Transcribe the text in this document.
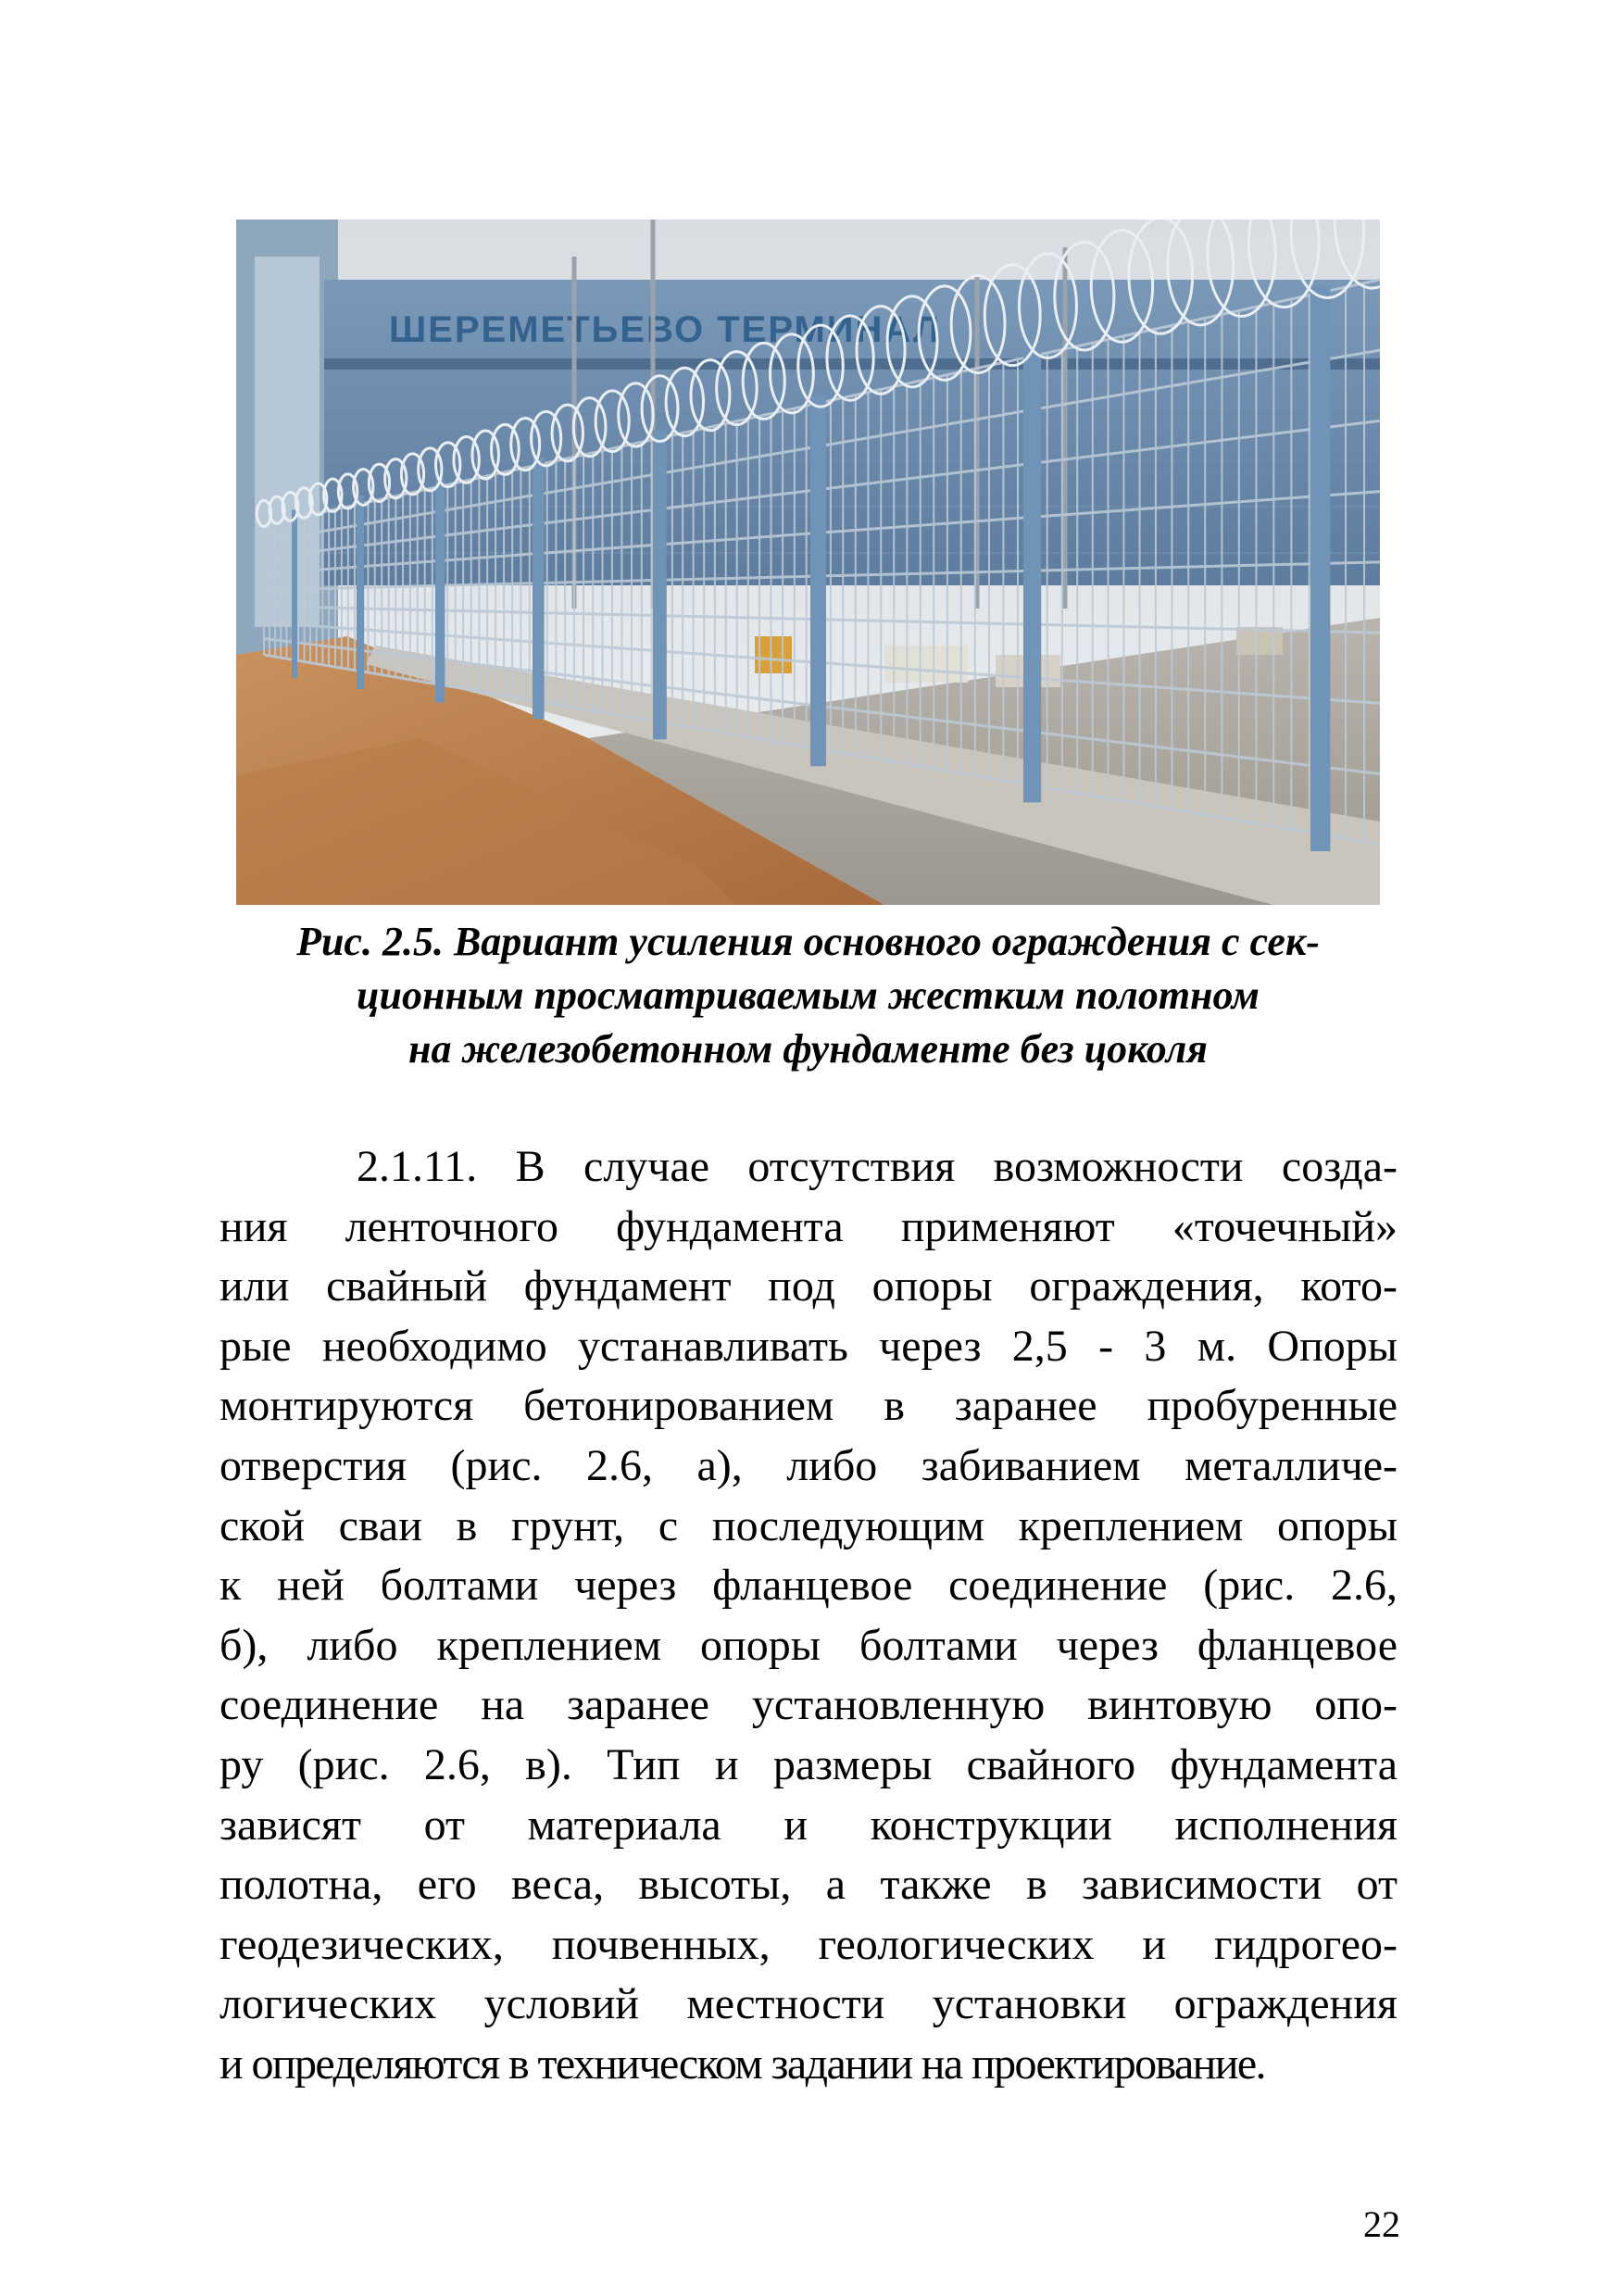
ШЕРЕМЕТЬЕВО ТЕРМИНАЛ
Рис. 2.5. Вариант усиления основного ограждения с сек-
ционным просматриваемым жестким полотном
на железобетонном фундаменте без цоколя
2.1.11. В случае отсутствия возможности созда-
ния ленточного фундамента применяют «точечный»
или свайный фундамент под опоры ограждения, кото-
рые необходимо устанавливать через 2,5 - 3 м. Опоры
монтируются бетонированием в заранее пробуренные
отверстия (рис. 2.6, а), либо забиванием металличе-
ской сваи в грунт, с последующим креплением опоры
к ней болтами через фланцевое соединение (рис. 2.6,
б), либо креплением опоры болтами через фланцевое
соединение на заранее установленную винтовую опо-
ру (рис. 2.6, в). Тип и размеры свайного фундамента
зависят от материала и конструкции исполнения
полотна, его веса, высоты, а также в зависимости от
геодезических, почвенных, геологических и гидрогео-
логических условий местности установки ограждения
и определяются в техническом задании на проектирование.
22
